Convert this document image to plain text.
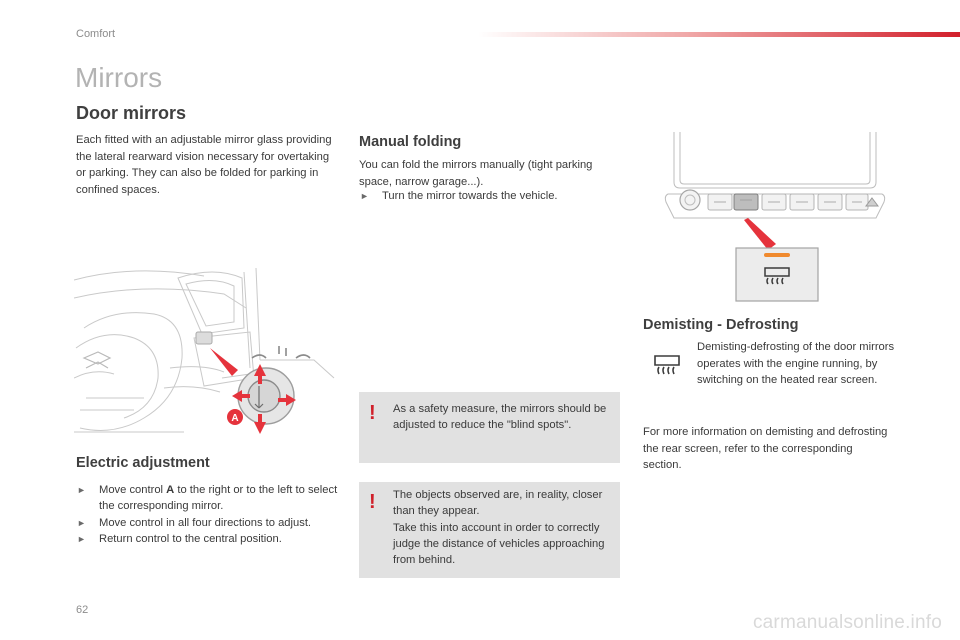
Comfort
Mirrors
Door mirrors

Each fitted with an adjustable mirror glass providing the lateral rearward vision necessary for overtaking or parking. They can also be folded for parking in confined spaces.

A
Electric adjustment
► Move control A to the right or to the left to select the corresponding mirror.
► Move control in all four directions to adjust.
► Return control to the central position.
Manual folding

You can fold the mirrors manually (tight parking space, narrow garage...).

► Turn the mirror towards the vehicle.
! As a safety measure, the mirrors should be adjusted to reduce the "blind spots".

! The objects observed are, in reality, closer than they appear.
Take this into account in order to correctly judge the distance of vehicles approaching from behind.

Demisting - Defrosting

Demisting-defrosting of the door mirrors operates with the engine running, by switching on the heated rear screen.

For more information on demisting and defrosting the rear screen, refer to the corresponding section.

62
carmanualsonline.info
